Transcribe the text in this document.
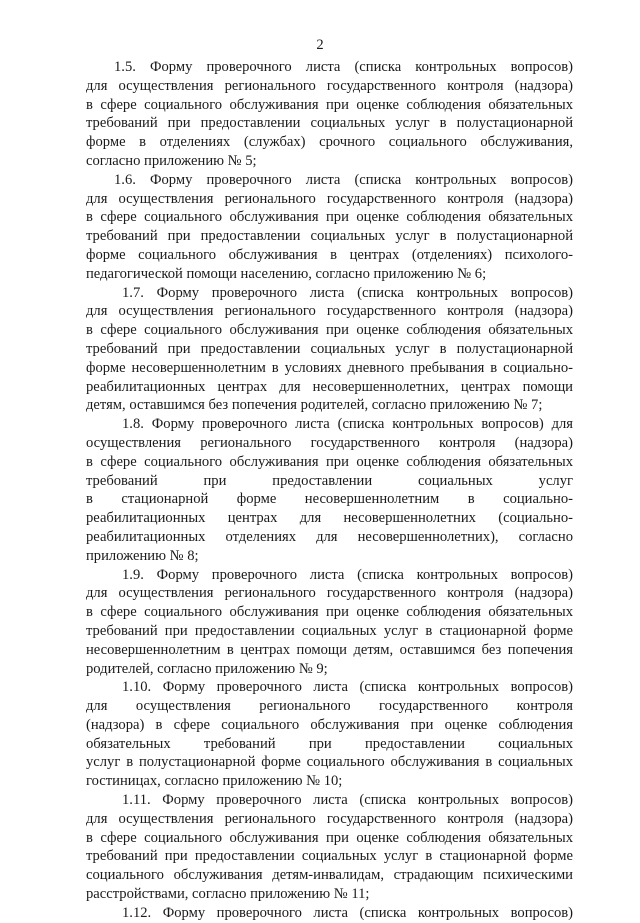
2
1.5. Форму проверочного листа (списка контрольных вопросов)
для осуществления регионального государственного контроля (надзора)
в сфере социального обслуживания при оценке соблюдения обязательных
требований при предоставлении социальных услуг в полустационарной
форме в отделениях (службах) срочного социального обслуживания,
согласно приложению № 5;
1.6. Форму проверочного листа (списка контрольных вопросов)
для осуществления регионального государственного контроля (надзора)
в сфере социального обслуживания при оценке соблюдения обязательных
требований при предоставлении социальных услуг в полустационарной
форме социального обслуживания в центрах (отделениях) психолого-
педагогической помощи населению, согласно приложению № 6;
1.7. Форму проверочного листа (списка контрольных вопросов)
для осуществления регионального государственного контроля (надзора)
в сфере социального обслуживания при оценке соблюдения обязательных
требований при предоставлении социальных услуг в полустационарной
форме несовершеннолетним в условиях дневного пребывания в социально-
реабилитационных центрах для несовершеннолетних, центрах помощи
детям, оставшимся без попечения родителей, согласно приложению № 7;
1.8. Форму проверочного листа (списка контрольных вопросов) для
осуществления регионального государственного контроля (надзора)
в сфере социального обслуживания при оценке соблюдения обязательных
требований при предоставлении социальных услуг
в стационарной форме несовершеннолетним в социально-
реабилитационных центрах для несовершеннолетних (социально-
реабилитационных отделениях для несовершеннолетних), согласно
приложению № 8;
1.9. Форму проверочного листа (списка контрольных вопросов)
для осуществления регионального государственного контроля (надзора)
в сфере социального обслуживания при оценке соблюдения обязательных
требований при предоставлении социальных услуг в стационарной форме
несовершеннолетним в центрах помощи детям, оставшимся без попечения
родителей, согласно приложению № 9;
1.10. Форму проверочного листа (списка контрольных вопросов)
для осуществления регионального государственного контроля
(надзора) в сфере социального обслуживания при оценке соблюдения
обязательных требований при предоставлении социальных
услуг в полустационарной форме социального обслуживания в социальных
гостиницах, согласно приложению № 10;
1.11. Форму проверочного листа (списка контрольных вопросов)
для осуществления регионального государственного контроля (надзора)
в сфере социального обслуживания при оценке соблюдения обязательных
требований при предоставлении социальных услуг в стационарной форме
социального обслуживания детям-инвалидам, страдающим психическими
расстройствами, согласно приложению № 11;
1.12. Форму проверочного листа (списка контрольных вопросов)
